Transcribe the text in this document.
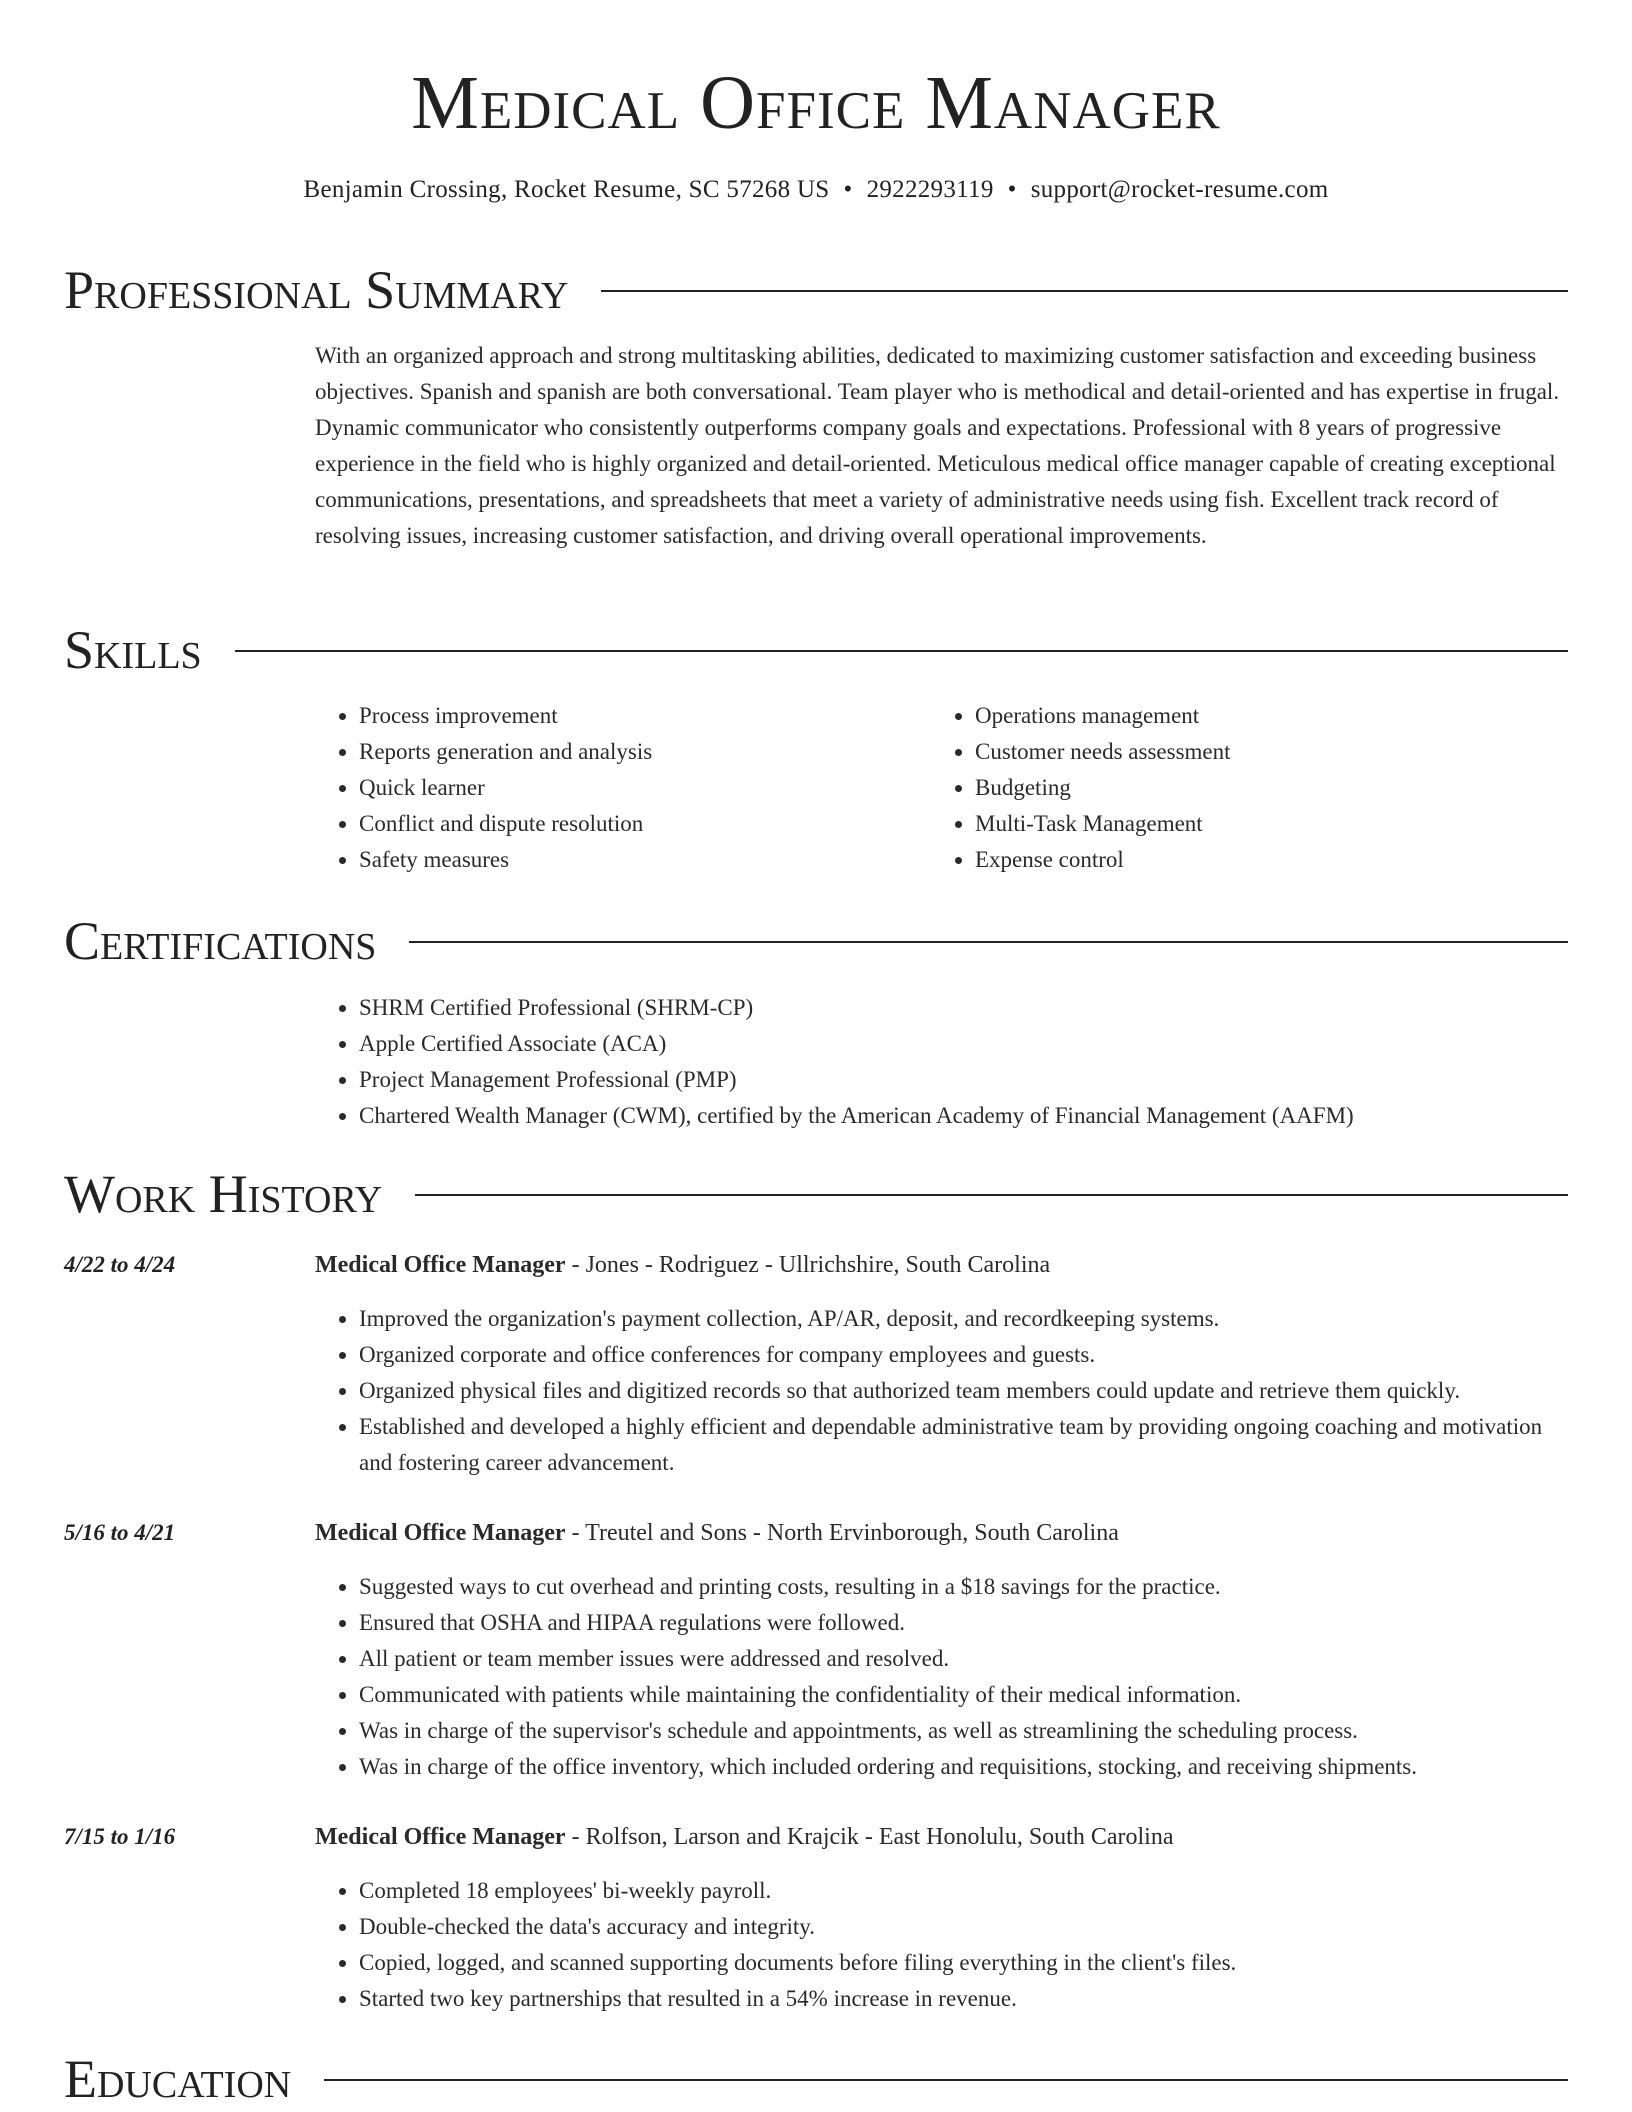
Medical Office Manager
Benjamin Crossing, Rocket Resume, SC 57268 US • 2922293119 • support@rocket-resume.com
Professional Summary
With an organized approach and strong multitasking abilities, dedicated to maximizing customer satisfaction and exceeding business objectives. Spanish and spanish are both conversational. Team player who is methodical and detail-oriented and has expertise in frugal. Dynamic communicator who consistently outperforms company goals and expectations. Professional with 8 years of progressive experience in the field who is highly organized and detail-oriented. Meticulous medical office manager capable of creating exceptional communications, presentations, and spreadsheets that meet a variety of administrative needs using fish. Excellent track record of resolving issues, increasing customer satisfaction, and driving overall operational improvements.
Skills
• Process improvement
• Reports generation and analysis
• Quick learner
• Conflict and dispute resolution
• Safety measures
• Operations management
• Customer needs assessment
• Budgeting
• Multi-Task Management
• Expense control
Certifications
• SHRM Certified Professional (SHRM-CP)
• Apple Certified Associate (ACA)
• Project Management Professional (PMP)
• Chartered Wealth Manager (CWM), certified by the American Academy of Financial Management (AAFM)
Work History
4/22 to 4/24	Medical Office Manager - Jones - Rodriguez - Ullrichshire, South Carolina
• Improved the organization's payment collection, AP/AR, deposit, and recordkeeping systems.
• Organized corporate and office conferences for company employees and guests.
• Organized physical files and digitized records so that authorized team members could update and retrieve them quickly.
• Established and developed a highly efficient and dependable administrative team by providing ongoing coaching and motivation and fostering career advancement.
5/16 to 4/21	Medical Office Manager - Treutel and Sons - North Ervinborough, South Carolina
• Suggested ways to cut overhead and printing costs, resulting in a $18 savings for the practice.
• Ensured that OSHA and HIPAA regulations were followed.
• All patient or team member issues were addressed and resolved.
• Communicated with patients while maintaining the confidentiality of their medical information.
• Was in charge of the supervisor's schedule and appointments, as well as streamlining the scheduling process.
• Was in charge of the office inventory, which included ordering and requisitions, stocking, and receiving shipments.
7/15 to 1/16	Medical Office Manager - Rolfson, Larson and Krajcik - East Honolulu, South Carolina
• Completed 18 employees' bi-weekly payroll.
• Double-checked the data's accuracy and integrity.
• Copied, logged, and scanned supporting documents before filing everything in the client's files.
• Started two key partnerships that resulted in a 54% increase in revenue.
Education
